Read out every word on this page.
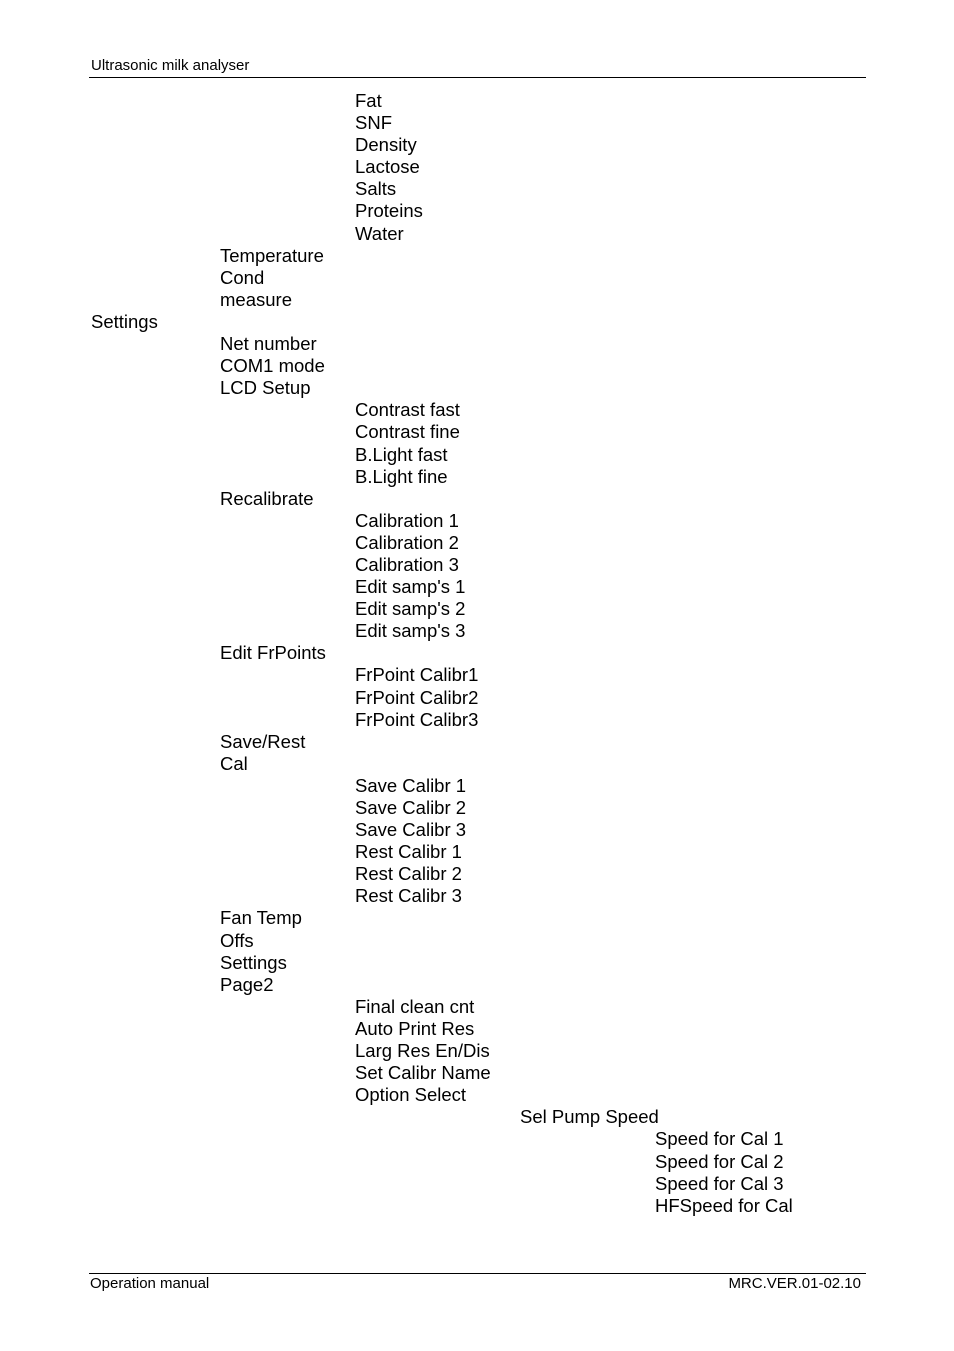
Ultrasonic milk analyser
Fat
SNF
Density
Lactose
Salts
Proteins
Water
Temperature
Cond
measure
Settings
Net number
COM1 mode
LCD Setup
Contrast fast
Contrast fine
B.Light fast
B.Light fine
Recalibrate
Calibration 1
Calibration 2
Calibration 3
Edit samp's 1
Edit samp's 2
Edit samp's 3
Edit FrPoints
FrPoint Calibr1
FrPoint Calibr2
FrPoint Calibr3
Save/Rest
Cal
Save Calibr 1
Save Calibr 2
Save Calibr 3
Rest Calibr 1
Rest Calibr 2
Rest Calibr 3
Fan Temp
Offs
Settings
Page2
Final clean cnt
Auto Print Res
Larg Res En/Dis
Set Calibr Name
Option Select
Sel Pump Speed
Speed for Cal 1
Speed for Cal 2
Speed for Cal 3
HFSpeed for Cal
Operation manual	MRC.VER.01-02.10
